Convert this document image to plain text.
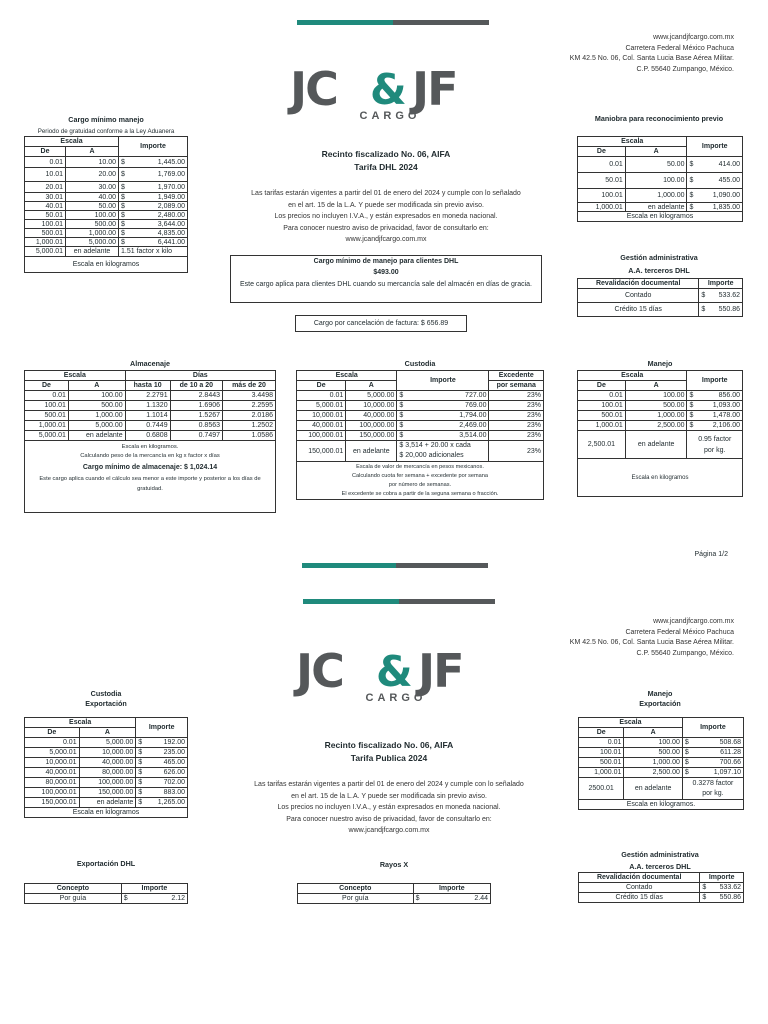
www.jcandjfcargo.com.mx
Carretera Federal México Pachuca
KM 42.5 No. 06, Col. Santa Lucia Base Aérea Militar.
C.P. 55640 Zumpango, México.
JC & JF
CARGO
Cargo mínimo manejo
Periodo de gratuidad conforme a la Ley Aduanera
Escala		Importe	
De	A		
0.01	10.00	$	1,445.00
10.01	20.00	$	1,769.00
20.01	30.00	$	1,970.00
30.01	40.00	$	1,949.00
40.01	50.00	$	2,089.00
50.01	100.00	$	2,480.00
100.01	500.00	$	3,644.00
500.01	1,000.00	$	4,835.00
1,000.01	5,000.00	$	6,441.00
5,000.01	en adelante	1.51 factor x kilo	
Escala en kilogramos			
Recinto fiscalizado No. 06, AIFA
Tarifa DHL 2024
Las tarifas estarán vigentes a partir del 01 de enero del 2024 y cumple con lo señalado
en el art. 15 de la L.A. Y puede ser modificada sin previo aviso.
Los precios no incluyen I.V.A., y están expresados en moneda nacional.
Para conocer nuestro aviso de privacidad, favor de consultarlo en:
www.jcandjfcargo.com.mx
Cargo mínimo de manejo para clientes DHL
$493.00
Este cargo aplica para clientes DHL cuando su mercancía sale del almacén en días de gracia.
Cargo por cancelación de factura: $ 656.89
Maniobra para reconocimiento previo
Escala		Importe	
De	A		
0.01	50.00	$	414.00
50.01	100.00	$	455.00
100.01	1,000.00	$	1,090.00
1,000.01	en adelante	$	1,835.00
Escala en kilogramos			
Gestión administrativa
A.A. terceros DHL
Revalidación documental	Importe	
Contado	$	533.62
Crédito 15 días	$	550.86
Almacenaje
Escala		Días		
De	A	hasta 10	de 10 a 20	más de 20
0.01	100.00	2.2791	2.8443	3.4498
100.01	500.00	1.1320	1.6906	2.2595
500.01	1,000.00	1.1014	1.5267	2.0186
1,000.01	5,000.00	0.7449	0.8563	1.2502
5,000.01	en adelante	0.6808	0.7497	1.0586

Escala en kilogramos.
Calculando peso de la mercancía en kg x factor x días
Cargo mínimo de almacenaje: $ 1,024.14
Este cargo aplica cuando el cálculo sea menor a este importe y posterior a los días de gratuidad.				
Custodia
Escala		Importe		Excedente
De	A			por semana
0.01	5,000.00	$	727.00	23%
5,000.01	10,000.00	$	769.00	23%
10,000.01	40,000.00	$	1,794.00	23%
40,000.01	100,000.00	$	2,469.00	23%
100,000.01	150,000.00	$	3,514.00	23%
150,000.01	en adelante	$ 3,514 + 20.00 x cada
$ 20,000 adicionales		23%

Escala de valor de mercancía en pesos mexicanos.
Calculando cuota fer semana + excedente por semana
por número de semanas.
El excedente se cobra a partir de la seguna semana o fracción.				
Manejo
Escala		Importe	
De	A		
0.01	100.00	$	856.00
100.01	500.00	$	1,093.00
500.01	1,000.00	$	1,478.00
1,000.01	2,500.00	$	2,106.00
2,500.01	en adelante	0.95 factor
por kg.	

Escala en kilogramos			
Página 1/2
www.jcandjfcargo.com.mx
Carretera Federal México Pachuca
KM 42.5 No. 06, Col. Santa Lucia Base Aérea Militar.
C.P. 55640 Zumpango, México.
JC & JF
CARGO
Custodia
Exportación
Escala		Importe	
De	A		
0.01	5,000.00	$	192.00
5,000.01	10,000.00	$	235.00
10,000.01	40,000.00	$	465.00
40,000.01	80,000.00	$	626.00
80,000.01	100,000.00	$	702.00
100,000.01	150,000.00	$	883.00
150,000.01	en adelante	$	1,265.00
Escala en kilogramos			
Recinto fiscalizado No. 06, AIFA
Tarifa Publica 2024
Las tarifas estarán vigentes a partir del 01 de enero del 2024 y cumple con lo señalado
en el art. 15 de la L.A. Y puede ser modificada sin previo aviso.
Los precios no incluyen I.V.A., y están expresados en moneda nacional.
Para conocer nuestro aviso de privacidad, favor de consultarlo en:
www.jcandjfcargo.com.mx
Manejo
Exportación
Escala		Importe	
De	A		
0.01	100.00	$	508.68
100.01	500.00	$	611.28
500.01	1,000.00	$	700.66
1,000.01	2,500.00	$	1,097.10
2500.01	en adelante	0.3278 factor
por kg.	

Escala en kilogramos.			
Exportación DHL
Concepto	Importe	
Por guía	$	2.12
Rayos X
Concepto	Importe	
Por guía	$	2.44
Gestión administrativa
A.A. terceros DHL
Revalidación documental	Importe	
Contado	$	533.62
Crédito 15 días	$	550.86
